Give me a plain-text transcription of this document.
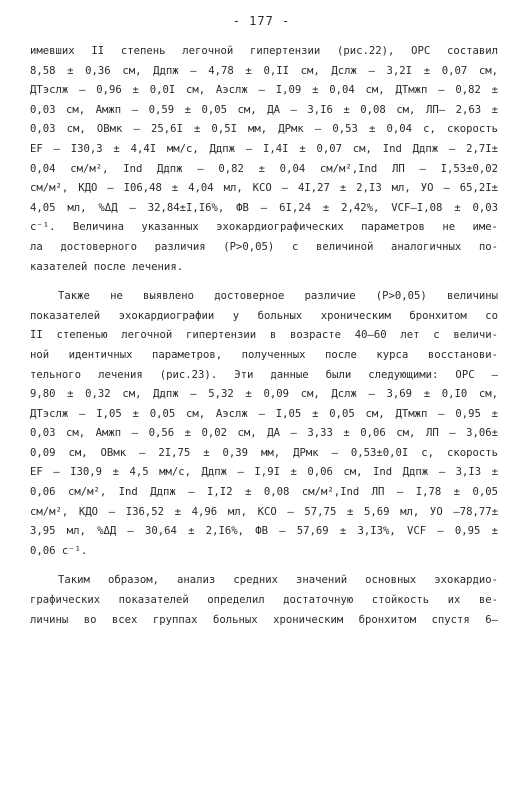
- 177 -
имевших II степень легочной гипертензии (рис.22), ОРС составил
8,58 ± 0,36 см, Ддпж – 4,78 ± 0,II см, Дслж – 3,2I ± 0,07 см,
ДТэслж – 0,96 ± 0,0I см, Аэслж – I,09 ± 0,04 см, ДТмжп – 0,82 ±
0,03 см, Амжп – 0,59 ± 0,05 см, ДА – 3,I6 ± 0,08 см, ЛП– 2,63 ±
0,03 см, ОВмк – 25,6I ± 0,5I мм, ДРмк – 0,53 ± 0,04 с, скорость
EF – I30,3 ± 4,4I мм/с, Ддпж – I,4I ± 0,07 см, Ind Ддпж – 2,7I±
0,04 см/м², Ind Ддпж – 0,82 ± 0,04 см/м²,Ind ЛП – I,53±0,02
см/м², КДО – I06,48 ± 4,04 мл, КСО – 4I,27 ± 2,I3 мл, УО – 65,2I±
4,05 мл, %ΔД – 32,84±I,I6%, ФВ – 6I,24 ± 2,42%, VCF–I,08 ± 0,03
с⁻¹. Величина указанных эхокардиографических параметров не име-
ла достоверного различия (P>0,05) с величиной аналогичных по-
казателей после лечения.
Также не выявлено достоверное различие (P>0,05) величины
показателей эхокардиографии у больных хроническим бронхитом со
II степенью легочной гипертензии в возрасте 40–60 лет с величи-
ной идентичных параметров, полученных после курса восстанови-
тельного лечения (рис.23). Эти данные были следующими: ОРС –
9,80 ± 0,32 см, Ддпж – 5,32 ± 0,09 см, Дслж – 3,69 ± 0,I0 см,
ДТэслж – I,05 ± 0,05 см, Аэслж – I,05 ± 0,05 см, ДТмжп – 0,95 ±
0,03 см, Амжп – 0,56 ± 0,02 см, ДА – 3,33 ± 0,06 см, ЛП – 3,06±
0,09 см, ОВмк – 2I,75 ± 0,39 мм, ДРмк – 0,53±0,0I с, скорость
EF – I30,9 ± 4,5 мм/с, Ддпж – I,9I ± 0,06 см, Ind Ддпж – 3,I3 ±
0,06 см/м², Ind Ддпж – I,I2 ± 0,08 см/м²,Ind ЛП – I,78 ± 0,05
см/м², КДО – I36,52 ± 4,96 мл, КСО – 57,75 ± 5,69 мл, УО –78,77±
3,95 мл, %ΔД – 30,64 ± 2,I6%, ФВ – 57,69 ± 3,I3%, VCF – 0,95 ±
0,06 с⁻¹.
Таким образом, анализ средних значений основных эхокардио-
графических показателей определил достаточную стойкость их ве-
личины во всех группах больных хроническим бронхитом спустя 6–
